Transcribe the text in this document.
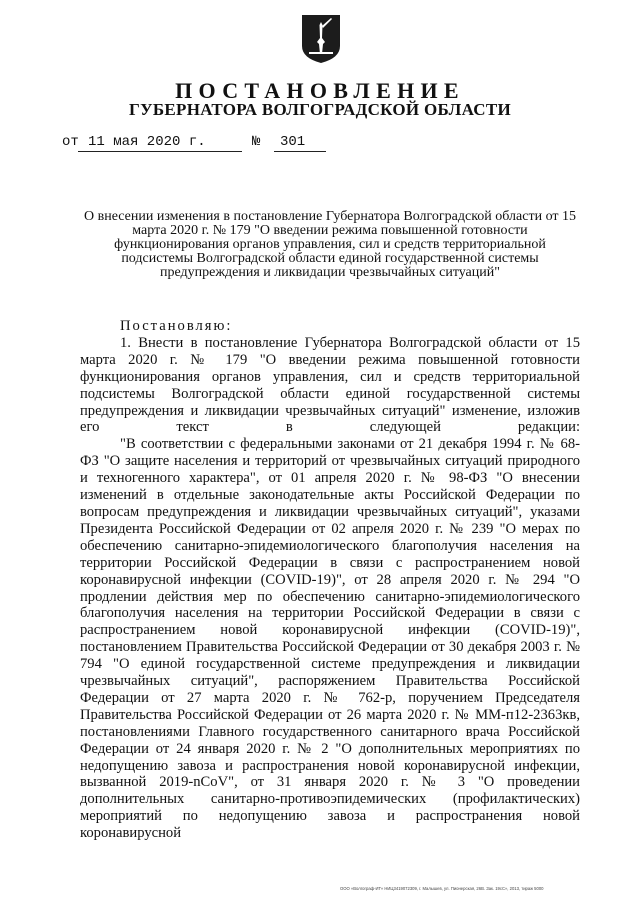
ПОСТАНОВЛЕНИЕ
ГУБЕРНАТОРА ВОЛГОГРАДСКОЙ ОБЛАСТИ
от 11 мая 2020 г.	№ 301

О внесении изменения в постановление Губернатора Волгоградской области от 15 марта 2020 г. № 179 "О введении режима повышенной готовности функционирования органов управления, сил и средств территориальной подсистемы Волгоградской области единой государственной системы предупреждения и ликвидации чрезвычайных ситуаций"

Постановляю:

1. Внести в постановление Губернатора Волгоградской области от 15 марта 2020 г. № 179 "О введении режима повышенной готовности функционирования органов управления, сил и средств территориальной подсистемы Волгоградской области единой государственной системы предупреждения и ликвидации чрезвычайных ситуаций" изменение, изложив его текст в следующей редакции:

"В соответствии с федеральными законами от 21 декабря 1994 г. № 68-ФЗ "О защите населения и территорий от чрезвычайных ситуаций природного и техногенного характера", от 01 апреля 2020 г. № 98-ФЗ "О внесении изменений в отдельные законодательные акты Российской Федерации по вопросам предупреждения и ликвидации чрезвычайных ситуаций", указами Президента Российской Федерации от 02 апреля 2020 г. № 239 "О мерах по обеспечению санитарно-эпидемиологического благополучия населения на территории Российской Федерации в связи с распространением новой коронавирусной инфекции (COVID-19)", от 28 апреля 2020 г. № 294 "О продлении действия мер по обеспечению санитарно-эпидемиологического благополучия населения на территории Российской Федерации в связи с распространением новой коронавирусной инфекции (COVID-19)", постановлением Правительства Российской Федерации от 30 декабря 2003 г. № 794 "О единой государственной системе предупреждения и ликвидации чрезвычайных ситуаций", распоряжением Правительства Российской Федерации от 27 марта 2020 г. № 762-р, поручением Председателя Правительства Российской Федерации от 26 марта 2020 г. № ММ-п12-2363кв, постановлениями Главного государственного санитарного врача Российской Федерации от 24 января 2020 г. № 2 "О дополнительных мероприятиях по недопущению завоза и распространения новой коронавирусной инфекции, вызванной 2019-nCoV", от 31 января 2020 г. № 3 "О проведении дополнительных санитарно-противоэпидемических (профилактических) мероприятий по недопущению завоза и распространения новой коронавирусной

ООО «Волгограф-ИТ» НИЦ3419072309, г. Малышев, ул. Пионерская, 26В. Зак. 19сС», 2013, тираж 5000
